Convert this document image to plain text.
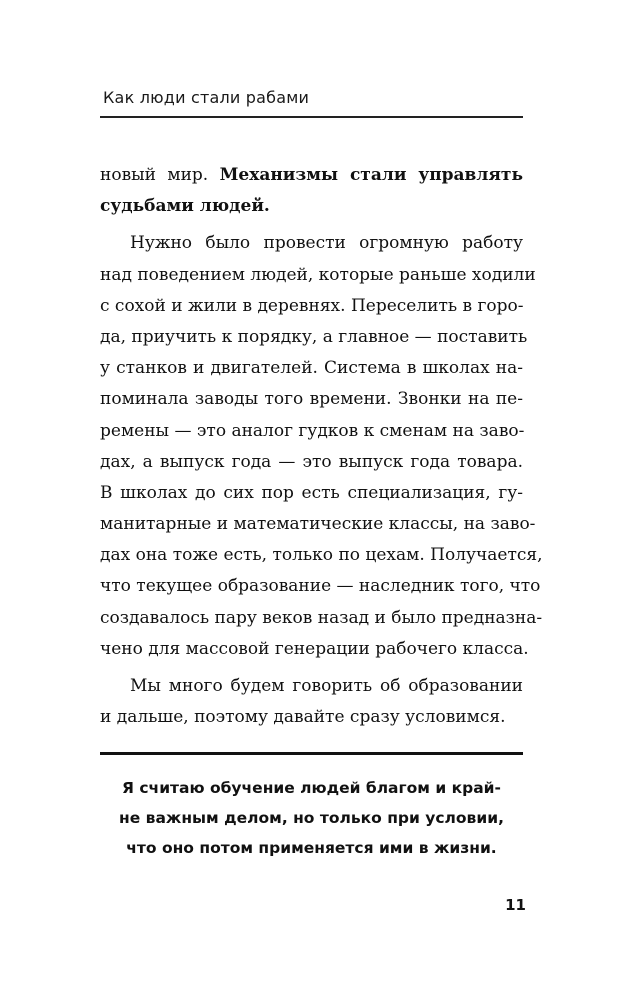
Как люди стали рабами
новый мир. Механизмы стали управлять
судьбами людей.
Нужно было провести огромную работу
над поведением людей, которые раньше ходили
с сохой и жили в деревнях. Переселить в горо-
да, приучить к порядку, а главное — поставить
у станков и двигателей. Система в школах на-
поминала заводы того времени. Звонки на пе-
ремены — это аналог гудков к сменам на заво-
дах, а выпуск года — это выпуск года товара.
В школах до сих пор есть специализация, гу-
манитарные и математические классы, на заво-
дах она тоже есть, только по цехам. Получается,
что текущее образование — наследник того, что
создавалось пару веков назад и было предназна-
чено для массовой генерации рабочего класса.
Мы много будем говорить об образовании
и дальше, поэтому давайте сразу условимся.
Я считаю обучение людей благом и край-
не важным делом, но только при условии,
что оно потом применяется ими в жизни.
11
